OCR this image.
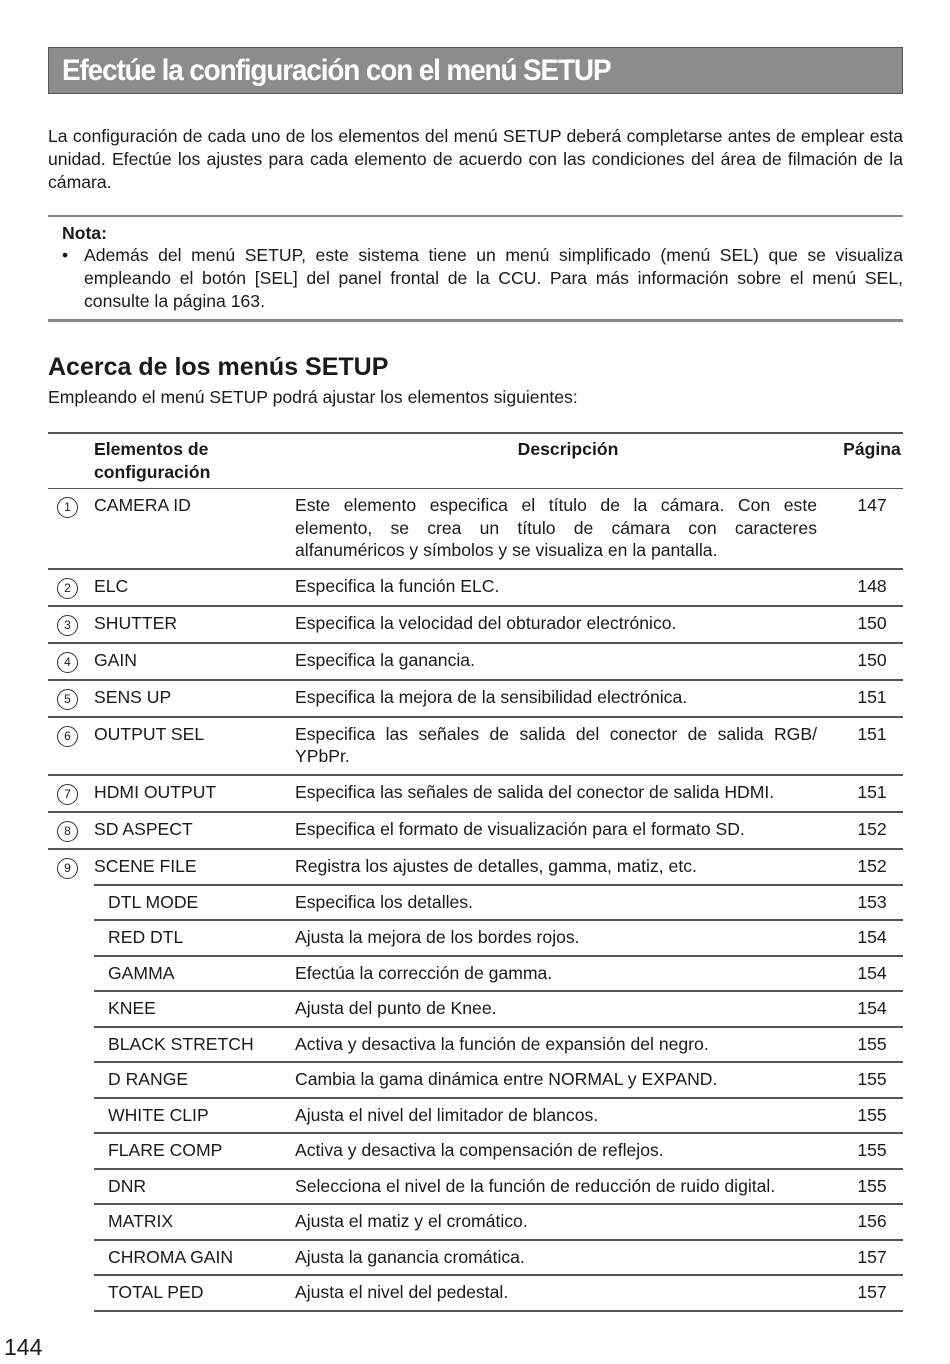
Efectúe la configuración con el menú SETUP

La configuración de cada uno de los elementos del menú SETUP deberá completarse antes de emplear esta unidad. Efectúe los ajustes para cada elemento de acuerdo con las condiciones del área de filmación de la cámara.

Nota:

• Además del menú SETUP, este sistema tiene un menú simplificado (menú SEL) que se visualiza empleando el botón [SEL] del panel frontal de la CCU. Para más información sobre el menú SEL, consulte la página 163.
Acerca de los menús SETUP

Empleando el menú SETUP podrá ajustar los elementos siguientes:

	Elementos de configuración	Descripción	Página
1	CAMERA ID	Este elemento especifica el título de la cámara. Con este elemento, se crea un título de cámara con caracteres alfanuméricos y símbolos y se visualiza en la pantalla.	147
2	ELC	Especifica la función ELC.	148
3	SHUTTER	Especifica la velocidad del obturador electrónico.	150
4	GAIN	Especifica la ganancia.	150
5	SENS UP	Especifica la mejora de la sensibilidad electrónica.	151
6	OUTPUT SEL	Especifica las señales de salida del conector de salida RGB/ YPbPr.	151
7	HDMI OUTPUT	Especifica las señales de salida del conector de salida HDMI.	151
8	SD ASPECT	Especifica el formato de visualización para el formato SD.	152
9	SCENE FILE	Registra los ajustes de detalles, gamma, matiz, etc.	152
	DTL MODE	Especifica los detalles.	153
	RED DTL	Ajusta la mejora de los bordes rojos.	154
	GAMMA	Efectúa la corrección de gamma.	154
	KNEE	Ajusta del punto de Knee.	154
	BLACK STRETCH	Activa y desactiva la función de expansión del negro.	155
	D RANGE	Cambia la gama dinámica entre NORMAL y EXPAND.	155
	WHITE CLIP	Ajusta el nivel del limitador de blancos.	155
	FLARE COMP	Activa y desactiva la compensación de reflejos.	155
	DNR	Selecciona el nivel de la función de reducción de ruido digital.	155
	MATRIX	Ajusta el matiz y el cromático.	156
	CHROMA GAIN	Ajusta la ganancia cromática.	157
	TOTAL PED	Ajusta el nivel del pedestal.	157
144
